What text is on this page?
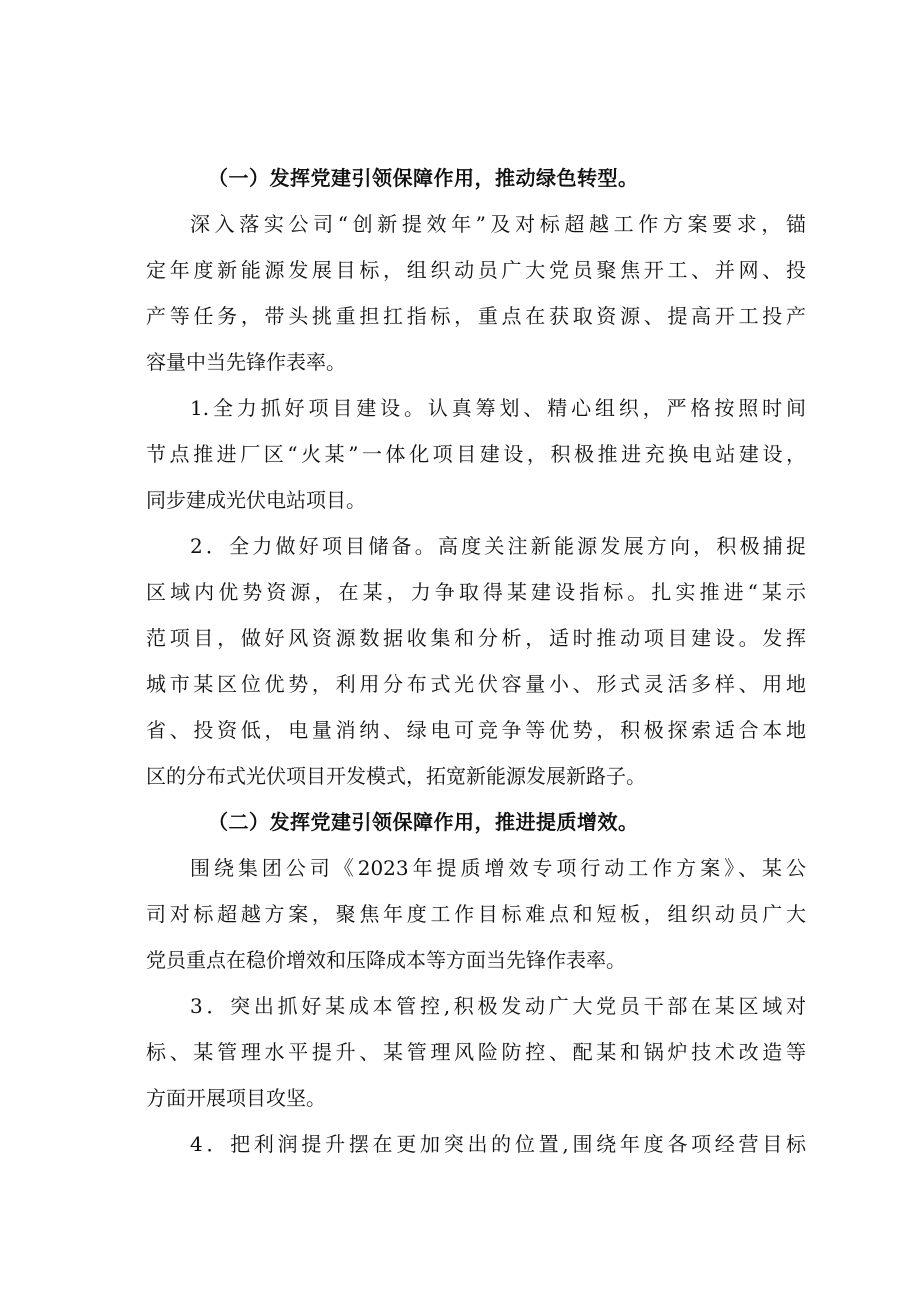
（一）发挥党建引领保障作用，推动绿色转型。

深入落实公司“创新提效年”及对标超越工作方案要求，锚
定年度新能源发展目标，组织动员广大党员聚焦开工、并网、投
产等任务，带头挑重担扛指标，重点在获取资源、提高开工投产
容量中当先锋作表率。

1.全力抓好项目建设。认真筹划、精心组织，严格按照时间
节点推进厂区“火某”一体化项目建设，积极推进充换电站建设，
同步建成光伏电站项目。

2．全力做好项目储备。高度关注新能源发展方向，积极捕捉
区域内优势资源，在某，力争取得某建设指标。扎实推进“某示
范项目，做好风资源数据收集和分析，适时推动项目建设。发挥
城市某区位优势，利用分布式光伏容量小、形式灵活多样、用地
省、投资低，电量消纳、绿电可竞争等优势，积极探索适合本地
区的分布式光伏项目开发模式，拓宽新能源发展新路子。

（二）发挥党建引领保障作用，推进提质增效。

围绕集团公司《2023年提质增效专项行动工作方案》、某公
司对标超越方案，聚焦年度工作目标难点和短板，组织动员广大
党员重点在稳价增效和压降成本等方面当先锋作表率。

3．突出抓好某成本管控,积极发动广大党员干部在某区域对
标、某管理水平提升、某管理风险防控、配某和锅炉技术改造等
方面开展项目攻坚。

4．把利润提升摆在更加突出的位置,围绕年度各项经营目标
